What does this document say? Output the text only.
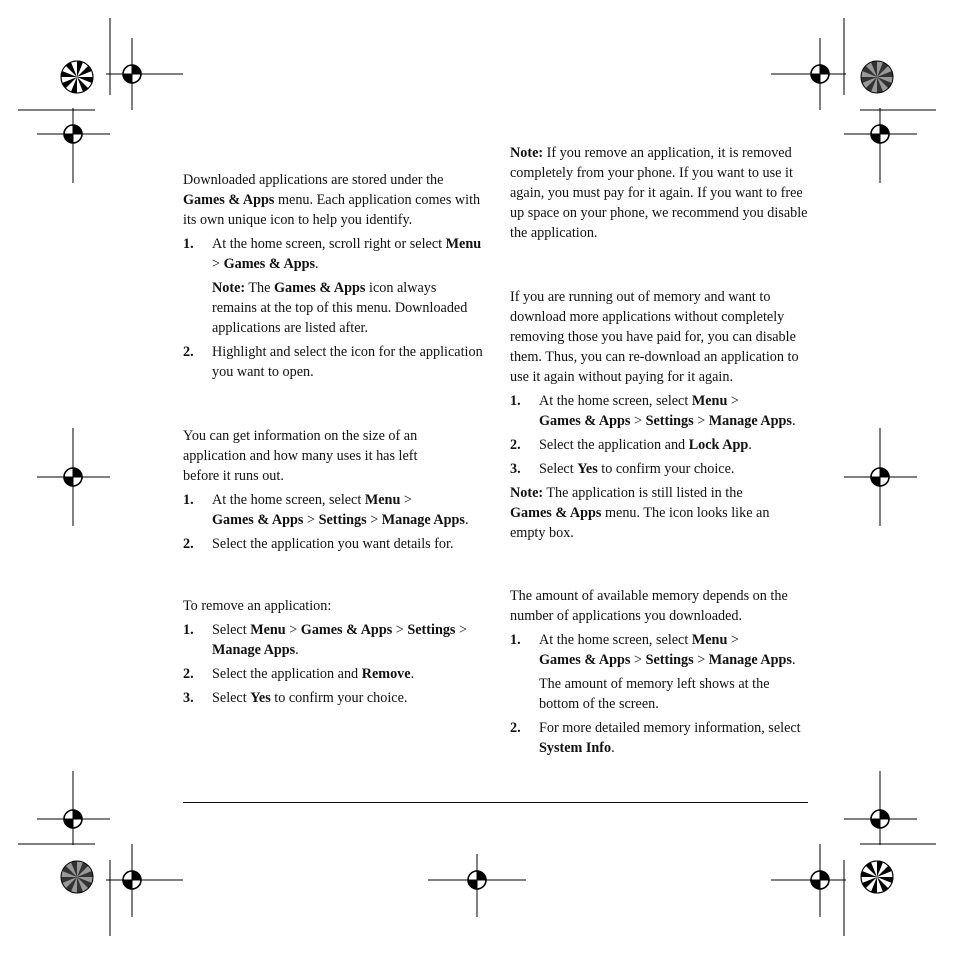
Downloaded applications are stored under the Games & Apps menu. Each application comes with its own unique icon to help you identify.

1. At the home screen, scroll right or select Menu > Games & Apps.
Note: The Games & Apps icon always remains at the top of this menu. Downloaded applications are listed after.
2. Highlight and select the icon for the application you want to open.

You can get information on the size of an application and how many uses it has left before it runs out.

1. At the home screen, select Menu >
Games & Apps > Settings > Manage Apps.
2. Select the application you want details for.

To remove an application:

1. Select Menu > Games & Apps > Settings >
Manage Apps.
2. Select the application and Remove.
3. Select Yes to confirm your choice.

Note: If you remove an application, it is removed completely from your phone. If you want to use it again, you must pay for it again. If you want to free up space on your phone, we recommend you disable the application.

If you are running out of memory and want to download more applications without completely removing those you have paid for, you can disable them. Thus, you can re-download an application to use it again without paying for it again.

1. At the home screen, select Menu >
Games & Apps > Settings > Manage Apps.
2. Select the application and Lock App.
3. Select Yes to confirm your choice.

Note: The application is still listed in the Games & Apps menu. The icon looks like an empty box.

The amount of available memory depends on the number of applications you downloaded.

1. At the home screen, select Menu >
Games & Apps > Settings > Manage Apps.
The amount of memory left shows at the bottom of the screen.
2. For more detailed memory information, select System Info.
